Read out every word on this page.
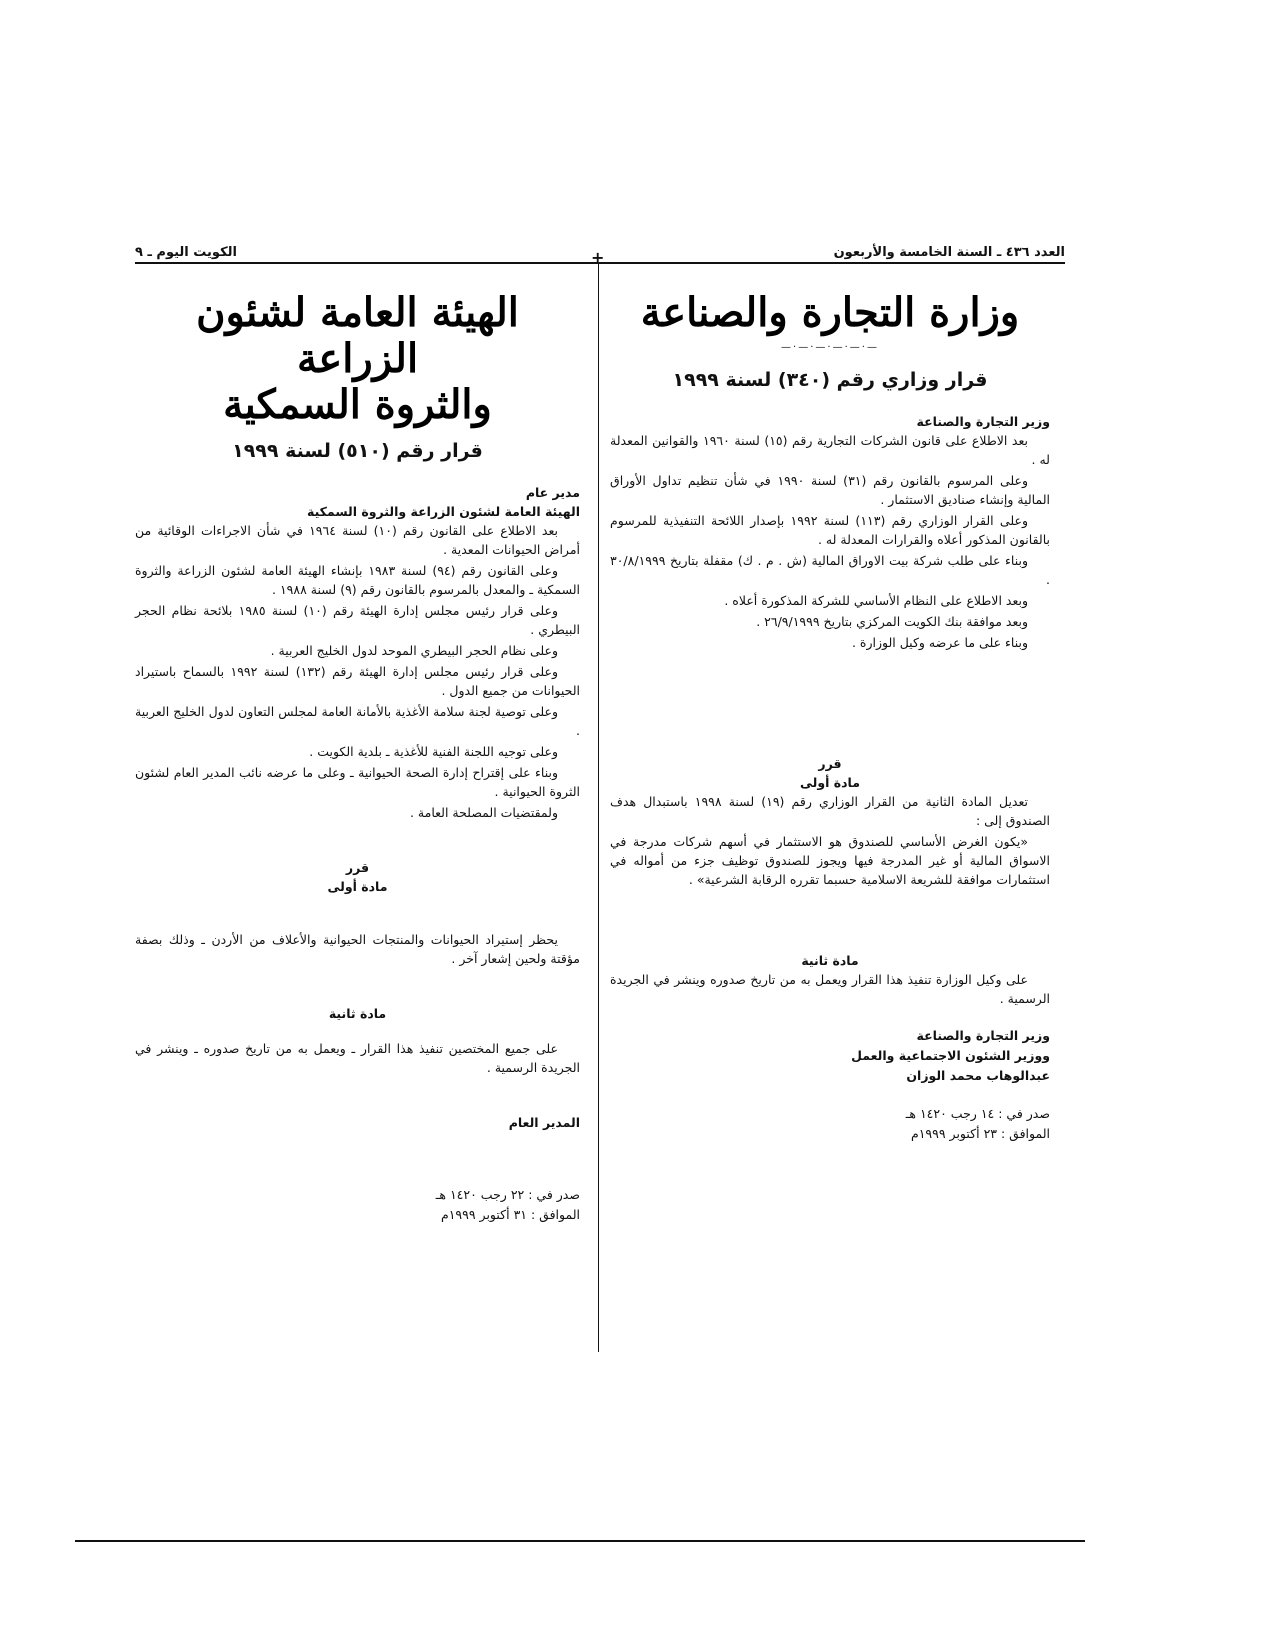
العدد ٤٣٦ ـ السنة الخامسة والأربعون
الكويت اليوم ـ ٩	+
وزارة التجارة والصناعة
—·—·—·—·—·—
قرار وزاري رقم (٣٤٠) لسنة ١٩٩٩
وزير التجارة والصناعة

بعد الاطلاع على قانون الشركات التجارية رقم (١٥) لسنة ١٩٦٠ والقوانين المعدلة له .

وعلى المرسوم بالقانون رقم (٣١) لسنة ١٩٩٠ في شأن تنظيم تداول الأوراق المالية وإنشاء صناديق الاستثمار .

وعلى القرار الوزاري رقم (١١٣) لسنة ١٩٩٢ بإصدار اللائحة التنفيذية للمرسوم بالقانون المذكور أعلاه والقرارات المعدلة له .

وبناء على طلب شركة بيت الاوراق المالية (ش . م . ك) مقفلة بتاريخ ٣٠/٨/١٩٩٩ .

وبعد الاطلاع على النظام الأساسي للشركة المذكورة أعلاه .

وبعد موافقة بنك الكويت المركزي بتاريخ ٢٦/٩/١٩٩٩ .

وبناء على ما عرضه وكيل الوزارة .

قرر
مادة أولى

تعديل المادة الثانية من القرار الوزاري رقم (١٩) لسنة ١٩٩٨ باستبدال هدف الصندوق إلى :

«يكون الغرض الأساسي للصندوق هو الاستثمار في أسهم شركات مدرجة في الاسواق المالية أو غير المدرجة فيها ويجوز للصندوق توظيف جزء من أمواله في استثمارات موافقة للشريعة الاسلامية حسبما تقرره الرقابة الشرعية» .

مادة ثانية

على وكيل الوزارة تنفيذ هذا القرار ويعمل به من تاريخ صدوره وينشر في الجريدة الرسمية .

وزير التجارة والصناعة
ووزير الشئون الاجتماعية والعمل
عبدالوهاب محمد الوزان
صدر في : ١٤ رجب ١٤٢٠ هـ
الموافق : ٢٣ أكتوبر ١٩٩٩م
الهيئة العامة لشئون الزراعة
والثروة السمكية
قرار رقم (٥١٠) لسنة ١٩٩٩
مدير عام
الهيئة العامة لشئون الزراعة والثروة السمكية

بعد الاطلاع على القانون رقم (١٠) لسنة ١٩٦٤ في شأن الاجراءات الوقائية من أمراض الحيوانات المعدية .

وعلى القانون رقم (٩٤) لسنة ١٩٨٣ بإنشاء الهيئة العامة لشئون الزراعة والثروة السمكية ـ والمعدل بالمرسوم بالقانون رقم (٩) لسنة ١٩٨٨ .

وعلى قرار رئيس مجلس إدارة الهيئة رقم (١٠) لسنة ١٩٨٥ بلائحة نظام الحجر البيطري .

وعلى نظام الحجر البيطري الموحد لدول الخليج العربية .

وعلى قرار رئيس مجلس إدارة الهيئة رقم (١٣٢) لسنة ١٩٩٢ بالسماح باستيراد الحيوانات من جميع الدول .

وعلى توصية لجنة سلامة الأغذية بالأمانة العامة لمجلس التعاون لدول الخليج العربية .

وعلى توجيه اللجنة الفنية للأغذية ـ بلدية الكويت .

وبناء على إقتراح إدارة الصحة الحيوانية ـ وعلى ما عرضه نائب المدير العام لشئون الثروة الحيوانية .

ولمقتضيات المصلحة العامة .

قرر
مادة أولى

يحظر إستيراد الحيوانات والمنتجات الحيوانية والأعلاف من الأردن ـ وذلك بصفة مؤقتة ولحين إشعار آخر .

مادة ثانية

على جميع المختصين تنفيذ هذا القرار ـ ويعمل به من تاريخ صدوره ـ وينشر في الجريدة الرسمية .

المدير العام
صدر في : ٢٢ رجب ١٤٢٠ هـ
الموافق : ٣١ أكتوبر ١٩٩٩م
